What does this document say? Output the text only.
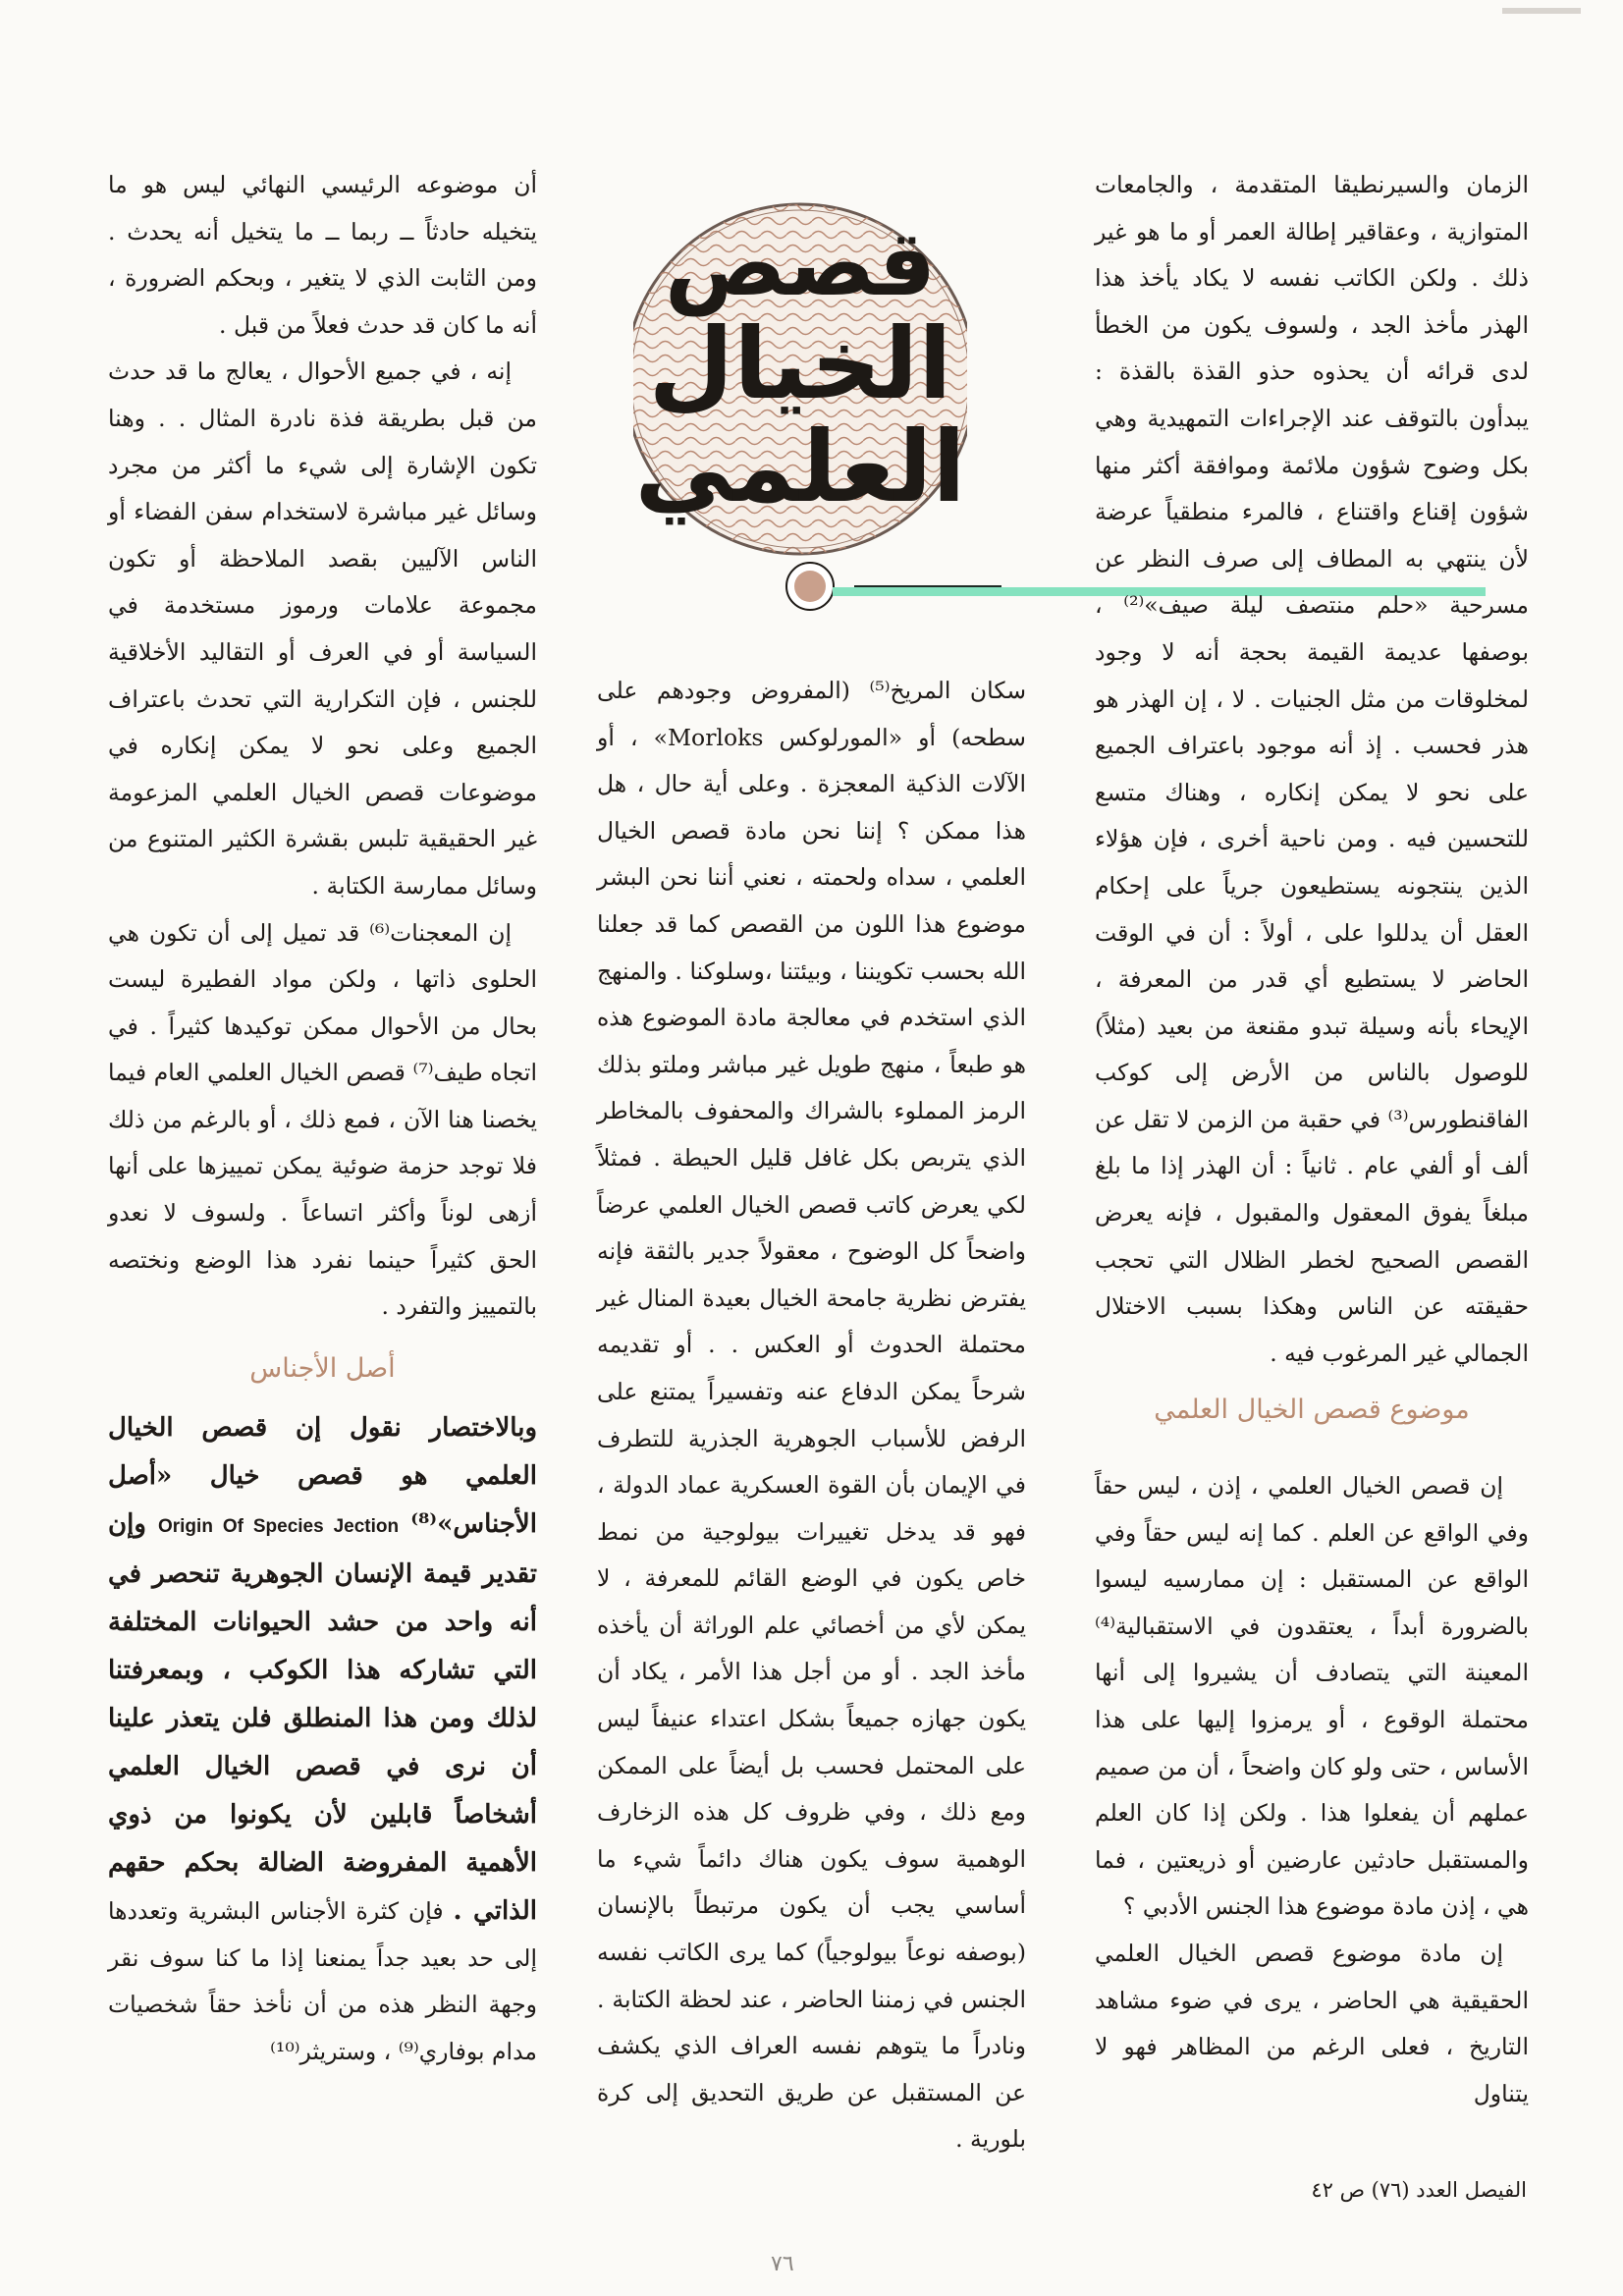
قصص
الخيال
العلمي

الزمان والسيرنطيقا المتقدمة ، والجامعات المتوازية ، وعقاقير إطالة العمر أو ما هو غير ذلك . ولكن الكاتب نفسه لا يكاد يأخذ هذا الهذر مأخذ الجد ، ولسوف يكون من الخطأ لدى قرائه أن يحذوه حذو القذة بالقذة : يبدأون بالتوقف عند الإجراءات التمهيدية وهي بكل وضوح شؤون ملائمة وموافقة أكثر منها شؤون إقناع واقتناع ، فالمرء منطقياً عرضة لأن ينتهي به المطاف إلى صرف النظر عن مسرحية «حلم منتصف ليلة صيف»⁽²⁾ ، بوصفها عديمة القيمة بحجة أنه لا وجود لمخلوقات من مثل الجنيات . لا ، إن الهذر هو هذر فحسب . إذ أنه موجود باعتراف الجميع على نحو لا يمكن إنكاره ، وهناك متسع للتحسين فيه . ومن ناحية أخرى ، فإن هؤلاء الذين ينتجونه يستطيعون جرياً على إحكام العقل أن يدللوا على ، أولاً : أن في الوقت الحاضر لا يستطيع أي قدر من المعرفة ، الإيحاء بأنه وسيلة تبدو مقنعة من بعيد (مثلاً) للوصول بالناس من الأرض إلى كوكب الفاقنطورس⁽³⁾ في حقبة من الزمن لا تقل عن ألف أو ألفي عام . ثانياً : أن الهذر إذا ما بلغ مبلغاً يفوق المعقول والمقبول ، فإنه يعرض القصص الصحيح لخطر الظلال التي تحجب حقيقته عن الناس وهكذا بسبب الاختلال الجمالي غير المرغوب فيه .

موضوع قصص الخيال العلمي

إن قصص الخيال العلمي ، إذن ، ليس حقاً وفي الواقع عن العلم . كما إنه ليس حقاً وفي الواقع عن المستقبل : إن ممارسيه ليسوا بالضرورة أبداً ، يعتقدون في الاستقبالية⁽⁴⁾ المعينة التي يتصادف أن يشيروا إلى أنها محتملة الوقوع ، أو يرمزوا إليها على هذا الأساس ، حتى ولو كان واضحاً ، أن من صميم عملهم أن يفعلوا هذا . ولكن إذا كان العلم والمستقبل حادثين عارضين أو ذريعتين ، فما هي ، إذن مادة موضوع هذا الجنس الأدبي ؟

إن مادة موضوع قصص الخيال العلمي الحقيقية هي الحاضر ، يرى في ضوء مشاهد التاريخ ، فعلى الرغم من المظاهر فهو لا يتناول

سكان المريخ⁽⁵⁾ (المفروض وجودهم على سطحه) أو «المورلوكس Morloks» ، أو الآلات الذكية المعجزة . وعلى أية حال ، هل هذا ممكن ؟ إننا نحن مادة قصص الخيال العلمي ، سداه ولحمته ، نعني أننا نحن البشر موضوع هذا اللون من القصص كما قد جعلنا الله بحسب تكويننا ، وبيئتنا ،وسلوكنا . والمنهج الذي استخدم في معالجة مادة الموضوع هذه هو طبعاً ، منهج طويل غير مباشر وملتو بذلك الرمز المملوء بالشراك والمحفوف بالمخاطر الذي يتربص بكل غافل قليل الحيطة . فمثلاً لكي يعرض كاتب قصص الخيال العلمي عرضاً واضحاً كل الوضوح ، معقولاً جدير بالثقة فإنه يفترض نظرية جامحة الخيال بعيدة المنال غير محتملة الحدوث أو العكس . . أو تقديمه شرحاً يمكن الدفاع عنه وتفسيراً يمتنع على الرفض للأسباب الجوهرية الجذرية للتطرف في الإيمان بأن القوة العسكرية عماد الدولة ، فهو قد يدخل تغييرات بيولوجية من نمط خاص يكون في الوضع القائم للمعرفة ، لا يمكن لأي من أخصائي علم الوراثة أن يأخذه مأخذ الجد . أو من أجل هذا الأمر ، يكاد أن يكون جهازه جميعاً بشكل اعتداء عنيفاً ليس على المحتمل فحسب بل أيضاً على الممكن ومع ذلك ، وفي ظروف كل هذه الزخارف الوهمية سوف يكون هناك دائماً شيء ما أساسي يجب أن يكون مرتبطاً بالإنسان (بوصفه نوعاً بيولوجياً) كما يرى الكاتب نفسه الجنس في زمننا الحاضر ، عند لحظة الكتابة . ونادراً ما يتوهم نفسه العراف الذي يكشف عن المستقبل عن طريق التحديق إلى كرة بلورية .

أن موضوعه الرئيسي النهائي ليس هو ما يتخيله حادثاً ــ ربما ــ ما يتخيل أنه يحدث . ومن الثابت الذي لا يتغير ، وبحكم الضرورة ، أنه ما كان قد حدث فعلاً من قبل .

إنه ، في جميع الأحوال ، يعالج ما قد حدث من قبل بطريقة فذة نادرة المثال . . وهنا تكون الإشارة إلى شيء ما أكثر من مجرد وسائل غير مباشرة لاستخدام سفن الفضاء أو الناس الآليين بقصد الملاحظة أو تكون مجموعة علامات ورموز مستخدمة في السياسة أو في العرف أو التقاليد الأخلاقية للجنس ، فإن التكرارية التي تحدث باعتراف الجميع وعلى نحو لا يمكن إنكاره في موضوعات قصص الخيال العلمي المزعومة غير الحقيقية تلبس بقشرة الكثير المتنوع من وسائل ممارسة الكتابة .

إن المعجنات⁽⁶⁾ قد تميل إلى أن تكون هي الحلوى ذاتها ، ولكن مواد الفطيرة ليست بحال من الأحوال ممكن توكيدها كثيراً . في اتجاه طيف⁽⁷⁾ قصص الخيال العلمي العام فيما يخصنا هنا الآن ، فمع ذلك ، أو بالرغم من ذلك فلا توجد حزمة ضوئية يمكن تمييزها على أنها أزهى لوناً وأكثر اتساعاً . ولسوف لا نعدو الحق كثيراً حينما نفرد هذا الوضع ونختصه بالتمييز والتفرد .

أصل الأجناس

وبالاختصار نقول إن قصص الخيال العلمي هو قصص خيال «أصل الأجناس»⁽⁸⁾ Origin Of Species Jection وإن تقدير قيمة الإنسان الجوهرية تنحصر في أنه واحد من حشد الحيوانات المختلفة التي تشاركه هذا الكوكب ، وبمعرفتنا لذلك ومن هذا المنطلق فلن يتعذر علينا أن نرى في قصص الخيال العلمي أشخاصاً قابلين لأن يكونوا من ذوي الأهمية المفروضة الضالة بحكم حقهم الذاتي . فإن كثرة الأجناس البشرية وتعددها إلى حد بعيد جداً يمنعنا إذا ما كنا سوف نقر وجهة النظر هذه من أن نأخذ حقاً شخصيات مدام بوفاري⁽⁹⁾ ، وستريثر⁽¹⁰⁾

الفيصل العدد (٧٦) ص ٤٢
٧٦
